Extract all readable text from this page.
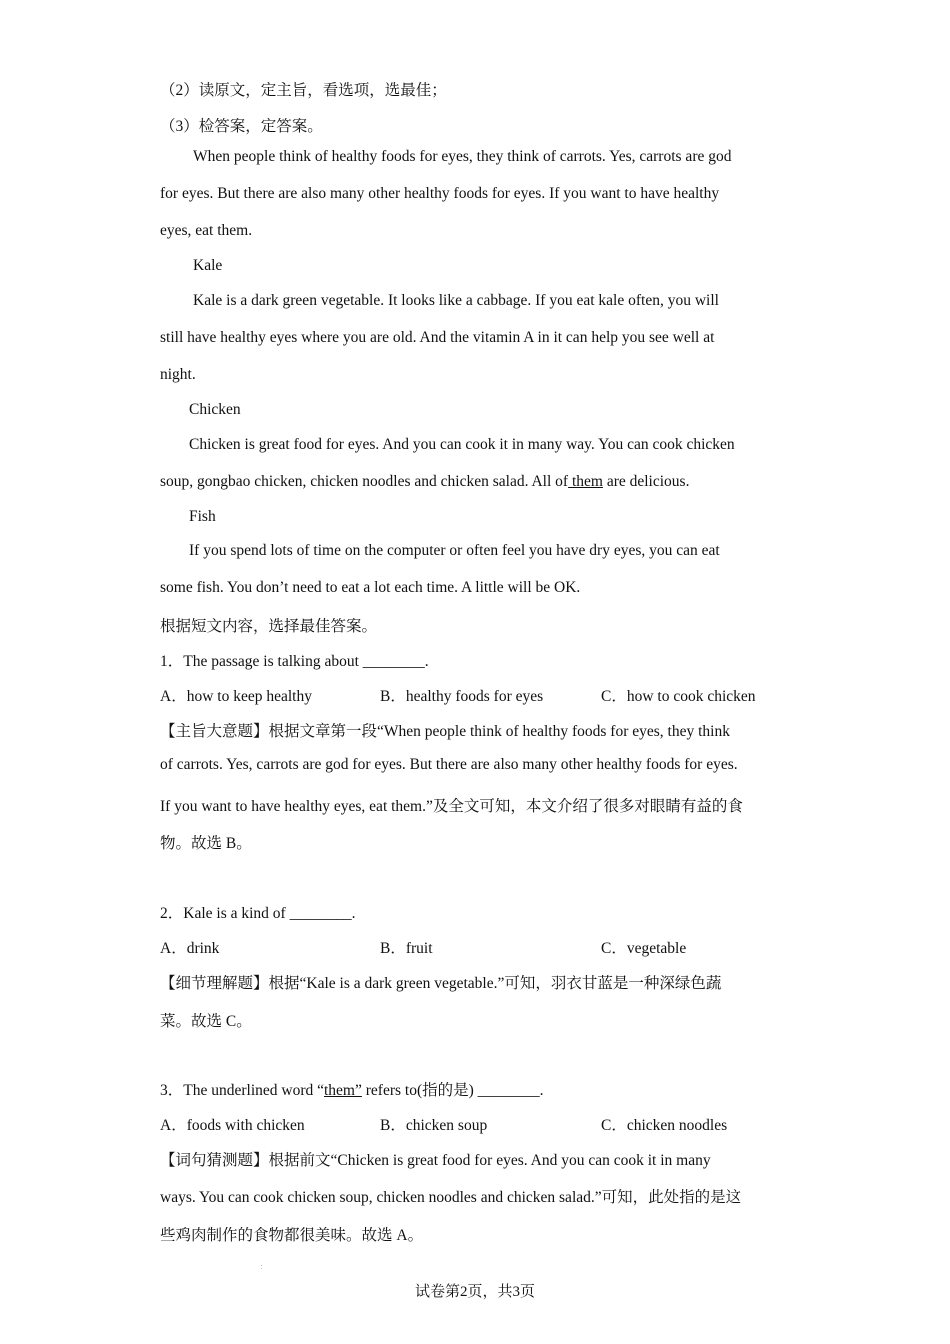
（2）读原文，定主旨，看选项，选最佳；
（3）检答案，定答案。
When people think of healthy foods for eyes, they think of carrots. Yes, carrots are god
for eyes. But there are also many other healthy foods for eyes. If you want to have healthy
eyes, eat them.
Kale
Kale is a dark green vegetable. It looks like a cabbage. If you eat kale often, you will
still have healthy eyes where you are old. And the vitamin A in it can help you see well at
night.
Chicken
Chicken is great food for eyes. And you can cook it in many way. You can cook chicken
soup, gongbao chicken, chicken noodles and chicken salad. All of them are delicious.
Fish
If you spend lots of time on the computer or often feel you have dry eyes, you can eat
some fish. You don’t need to eat a lot each time. A little will be OK.
根据短文内容，选择最佳答案。
1．The passage is talking about ________.
A．how to keep healthy	B．healthy foods for eyes	C．how to cook chicken
【主旨大意题】根据文章第一段“When people think of healthy foods for eyes, they think
of carrots. Yes, carrots are god for eyes. But there are also many other healthy foods for eyes.
If you want to have healthy eyes, eat them.”及全文可知，本文介绍了很多对眼睛有益的食
物。故选 B。
2．Kale is a kind of ________.
A．drink	B．fruit	C．vegetable
【细节理解题】根据“Kale is a dark green vegetable.”可知，羽衣甘蓝是一种深绿色蔬
菜。故选 C。
3．The underlined word “them” refers to(指的是) ________.
A．foods with chicken	B．chicken soup	C．chicken noodles
【词句猜测题】根据前文“Chicken is great food for eyes. And you can cook it in many
ways. You can cook chicken soup, chicken noodles and chicken salad.”可知，此处指的是这
些鸡肉制作的食物都很美味。故选 A。
：
试卷第2页，共3页
